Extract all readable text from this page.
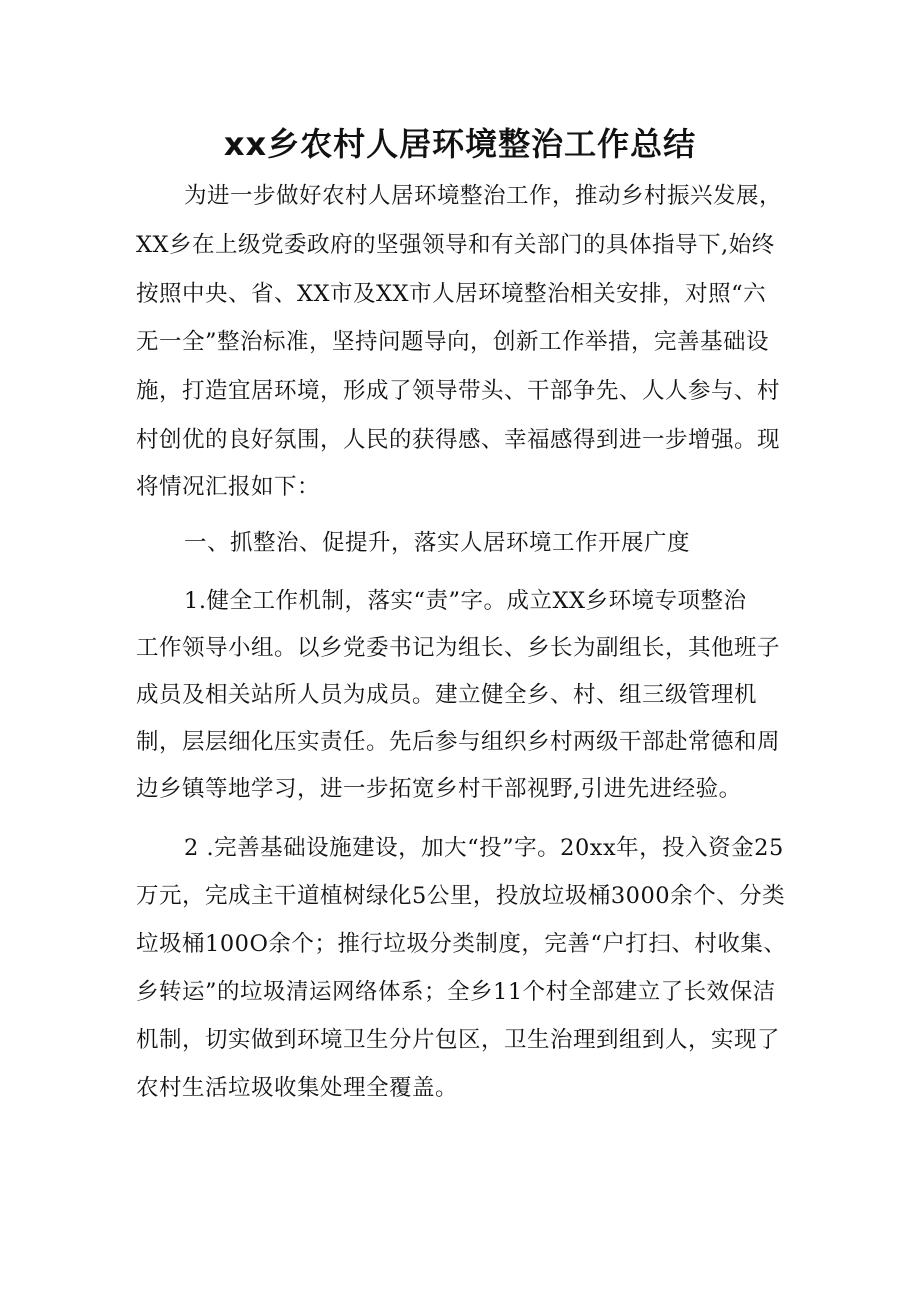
xx乡农村人居环境整治工作总结

为进一步做好农村人居环境整治工作，推动乡村振兴发展，

XX乡在上级党委政府的坚强领导和有关部门的具体指导下,始终

按照中央、省、XX市及XX市人居环境整治相关安排，对照“六

无一全”整治标准，坚持问题导向，创新工作举措，完善基础设

施，打造宜居环境，形成了领导带头、干部争先、人人参与、村

村创优的良好氛围，人民的获得感、幸福感得到进一步增强。现

将情况汇报如下：

一、抓整治、促提升，落实人居环境工作开展广度

1.健全工作机制，落实“责”字。成立XX乡环境专项整治

工作领导小组。以乡党委书记为组长、乡长为副组长，其他班子

成员及相关站所人员为成员。建立健全乡、村、组三级管理机

制，层层细化压实责任。先后参与组织乡村两级干部赴常德和周

边乡镇等地学习，进一步拓宽乡村干部视野,引进先进经验。

2 .完善基础设施建设，加大“投”字。20xx年，投入资金25

万元，完成主干道植树绿化5公里，投放垃圾桶3000余个、分类

垃圾桶100O余个；推行垃圾分类制度，完善“户打扫、村收集、

乡转运”的垃圾清运网络体系；全乡11个村全部建立了长效保洁

机制，切实做到环境卫生分片包区，卫生治理到组到人，实现了

农村生活垃圾收集处理全覆盖。
